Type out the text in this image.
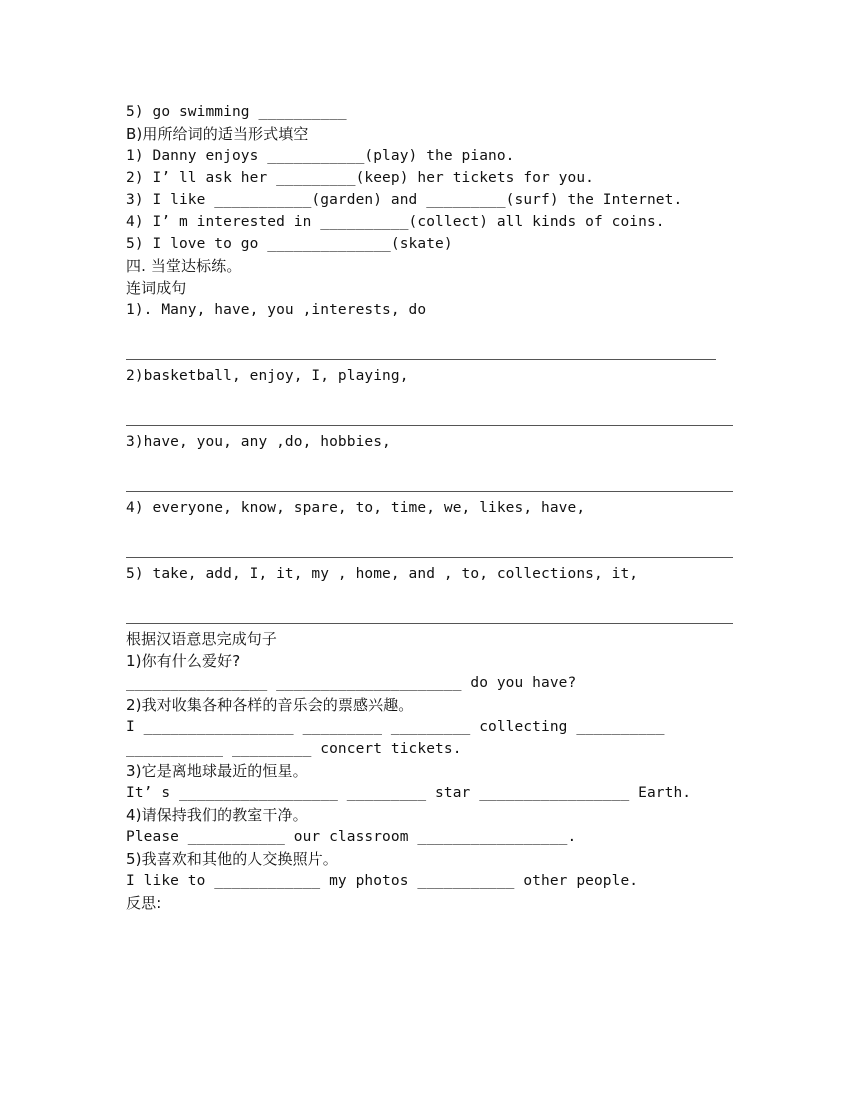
5) go swimming __________
B)用所给词的适当形式填空
1) Danny enjoys ___________(play) the piano.
2) I’ ll ask her _________(keep) her tickets for you.
3) I like ___________(garden) and _________(surf) the Internet.
4) I’ m interested in __________(collect) all kinds of coins.
5) I love to go ______________(skate)
四. 当堂达标练。
连词成句
1). Many, have, you ,interests, do
2)basketball, enjoy, I, playing,
3)have, you, any ,do, hobbies,
4) everyone, know, spare, to, time, we, likes, have,
5) take, add, I, it, my , home, and , to, collections, it,
根据汉语意思完成句子
1)你有什么爱好?
________________ _____________________ do you have?
2)我对收集各种各样的音乐会的票感兴趣。
I _________________ _________ _________ collecting __________
___________ _________ concert tickets.
3)它是离地球最近的恒星。
It’ s __________________ _________ star _________________ Earth.
4)请保持我们的教室干净。
Please ___________ our classroom _________________.
5)我喜欢和其他的人交换照片。
I like to ____________ my photos ___________ other people.
反思:
